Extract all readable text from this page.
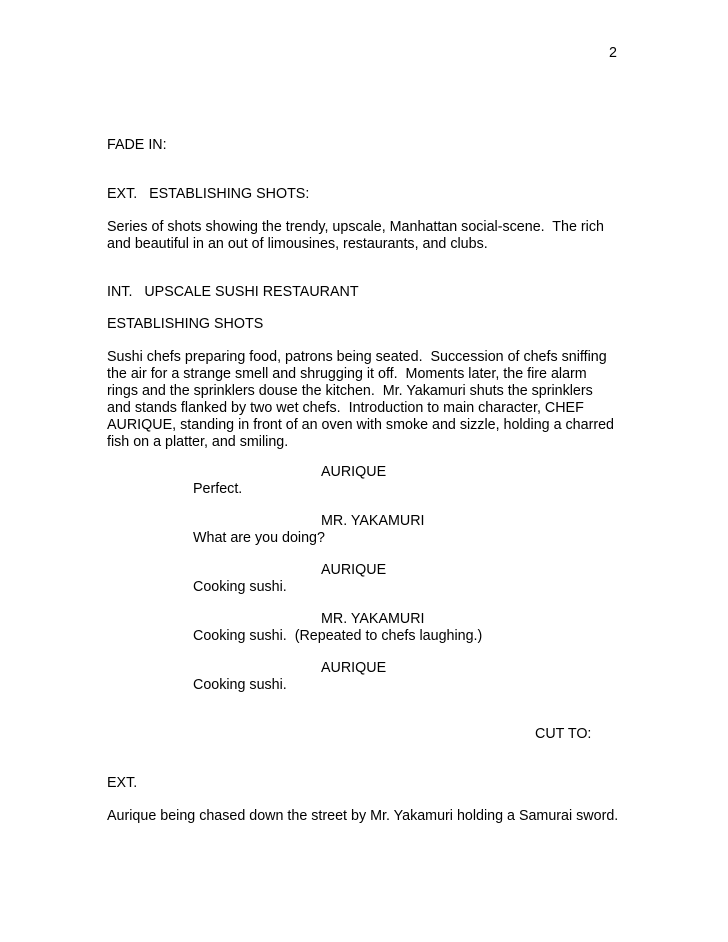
2
FADE IN:
EXT.   ESTABLISHING SHOTS:
Series of shots showing the trendy, upscale, Manhattan social-scene.  The rich
and beautiful in an out of limousines, restaurants, and clubs.
INT.   UPSCALE SUSHI RESTAURANT
ESTABLISHING SHOTS
Sushi chefs preparing food, patrons being seated.  Succession of chefs sniffing
the air for a strange smell and shrugging it off.  Moments later, the fire alarm
rings and the sprinklers douse the kitchen.  Mr. Yakamuri shuts the sprinklers
and stands flanked by two wet chefs.  Introduction to main character, CHEF
AURIQUE, standing in front of an oven with smoke and sizzle, holding a charred
fish on a platter, and smiling.
AURIQUE
Perfect.
MR. YAKAMURI
What are you doing?
AURIQUE
Cooking sushi.
MR. YAKAMURI
Cooking sushi.  (Repeated to chefs laughing.)
AURIQUE
Cooking sushi.
CUT TO:
EXT.
Aurique being chased down the street by Mr. Yakamuri holding a Samurai sword.
